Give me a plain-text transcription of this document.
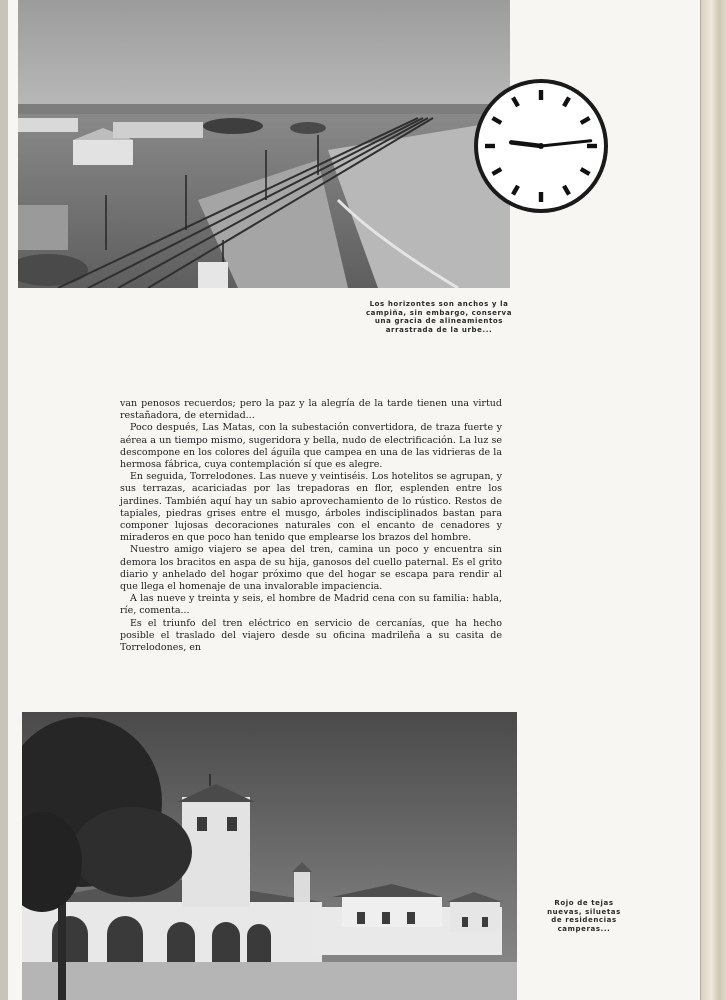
Los horizontes son anchos y la campiña, sin embargo, conserva una gracia de alineamientos arrastrada de la urbe...

van penosos recuerdos; pero la paz y la alegría de la tarde tienen una virtud restañadora, de eternidad...

Poco después, Las Matas, con la subestación convertidora, de traza fuerte y aérea a un tiempo mismo, sugeridora y bella, nudo de electrificación. La luz se descompone en los colores del águila que campea en una de las vidrieras de la hermosa fábrica, cuya contemplación sí que es alegre.

En seguida, Torrelodones. Las nueve y veintiséis. Los hotelitos se agrupan, y sus terrazas, acariciadas por las trepadoras en flor, esplenden entre los jardines. También aquí hay un sabio aprovechamiento de lo rústico. Restos de tapiales, piedras grises entre el musgo, árboles indisciplinados bastan para componer lujosas decoraciones naturales con el encanto de cenadores y miraderos en que poco han tenido que emplearse los brazos del hombre.

Nuestro amigo viajero se apea del tren, camina un poco y encuentra sin demora los bracitos en aspa de su hija, ganosos del cuello paternal. Es el grito diario y anhelado del hogar próximo que del hogar se escapa para rendir al que llega el homenaje de una invalorable impaciencia.

A las nueve y treinta y seis, el hombre de Madrid cena con su familia: habla, ríe, comenta...

Es el triunfo del tren eléctrico en servicio de cercanías, que ha hecho posible el traslado del viajero desde su oficina madrileña a su casita de Torrelodones, en

Rojo de tejas nuevas, siluetas de residencias camperas...
